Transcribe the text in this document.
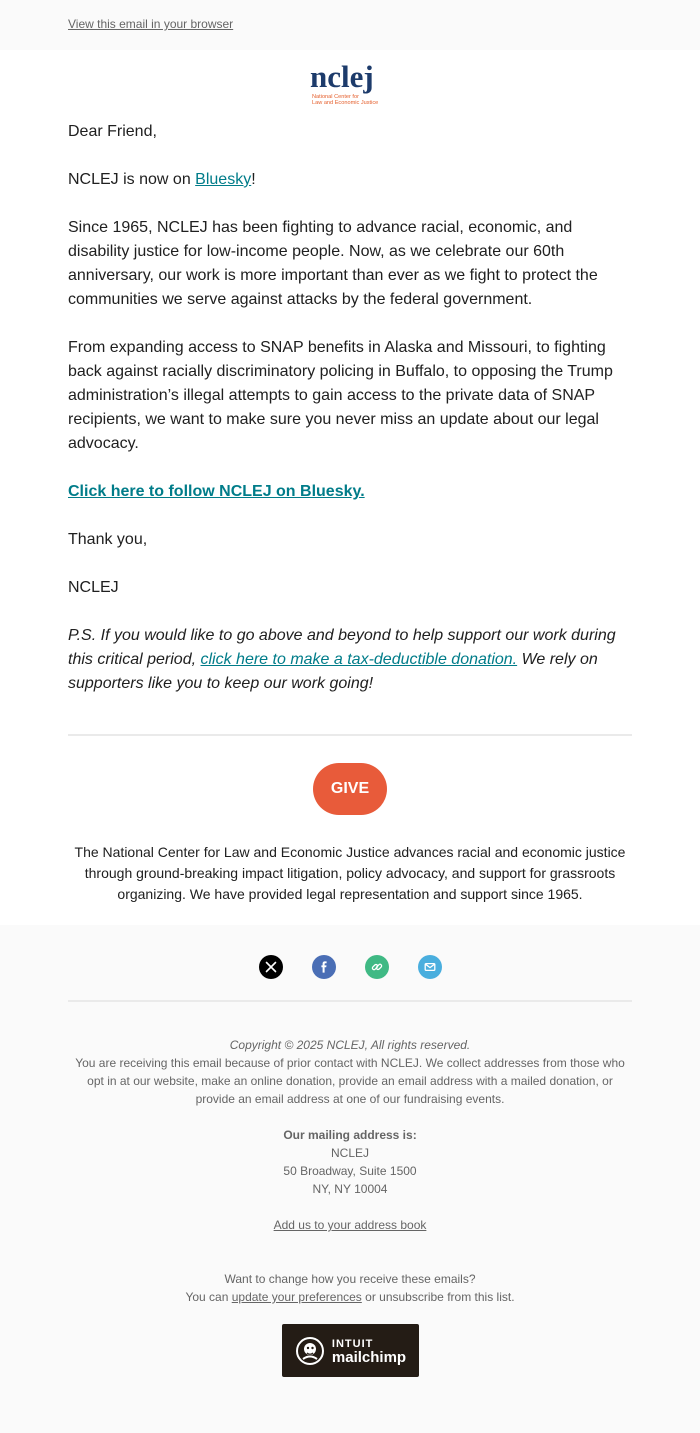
View this email in your browser
nclej
National Center for
Law and Economic Justice

Dear Friend,

NCLEJ is now on Bluesky!

Since 1965, NCLEJ has been fighting to advance racial, economic, and disability justice for low-income people. Now, as we celebrate our 60th anniversary, our work is more important than ever as we fight to protect the communities we serve against attacks by the federal government.

From expanding access to SNAP benefits in Alaska and Missouri, to fighting back against racially discriminatory policing in Buffalo, to opposing the Trump administration’s illegal attempts to gain access to the private data of SNAP recipients, we want to make sure you never miss an update about our legal advocacy.

Click here to follow NCLEJ on Bluesky.

Thank you,

NCLEJ

P.S. If you would like to go above and beyond to help support our work during this critical period, click here to make a tax-deductible donation. We rely on supporters like you to keep our work going!

GIVE
The National Center for Law and Economic Justice advances racial and economic justice through ground-breaking impact litigation, policy advocacy, and support for grassroots organizing. We have provided legal representation and support since 1965.
Copyright © 2025 NCLEJ, All rights reserved.
You are receiving this email because of prior contact with NCLEJ. We collect addresses from those who opt in at our website, make an online donation, provide an email address with a mailed donation, or provide an email address at one of our fundraising events.
Our mailing address is:
NCLEJ
50 Broadway, Suite 1500
NY, NY 10004
Add us to your address book
Want to change how you receive these emails?
You can update your preferences or unsubscribe from this list.
INTUIT
mailchimp
